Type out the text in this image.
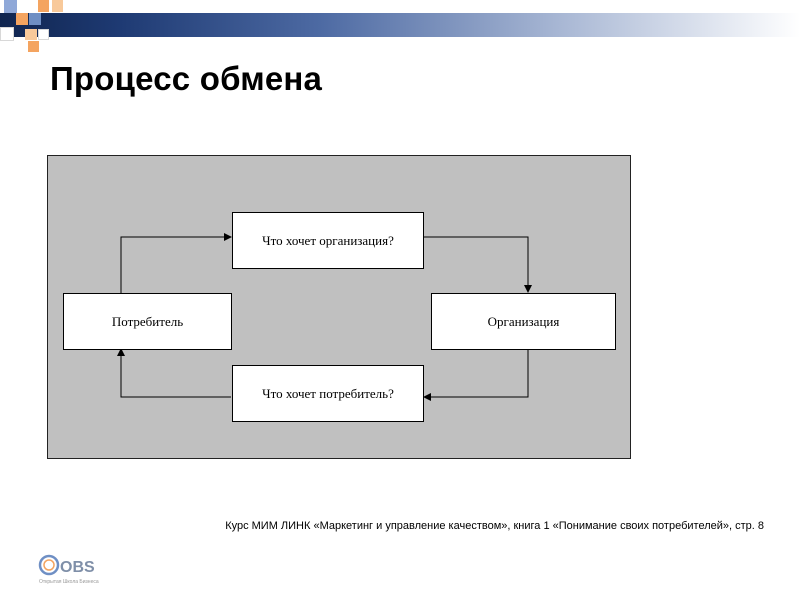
Процесс обмена
Что хочет организация?
Потребитель	Организация
Что хочет потребитель?
Курс МИМ ЛИНК «Маркетинг и управление качеством», книга 1 «Понимание своих потребителей», стр. 8
OBS
Открытая Школа Бизнеса
